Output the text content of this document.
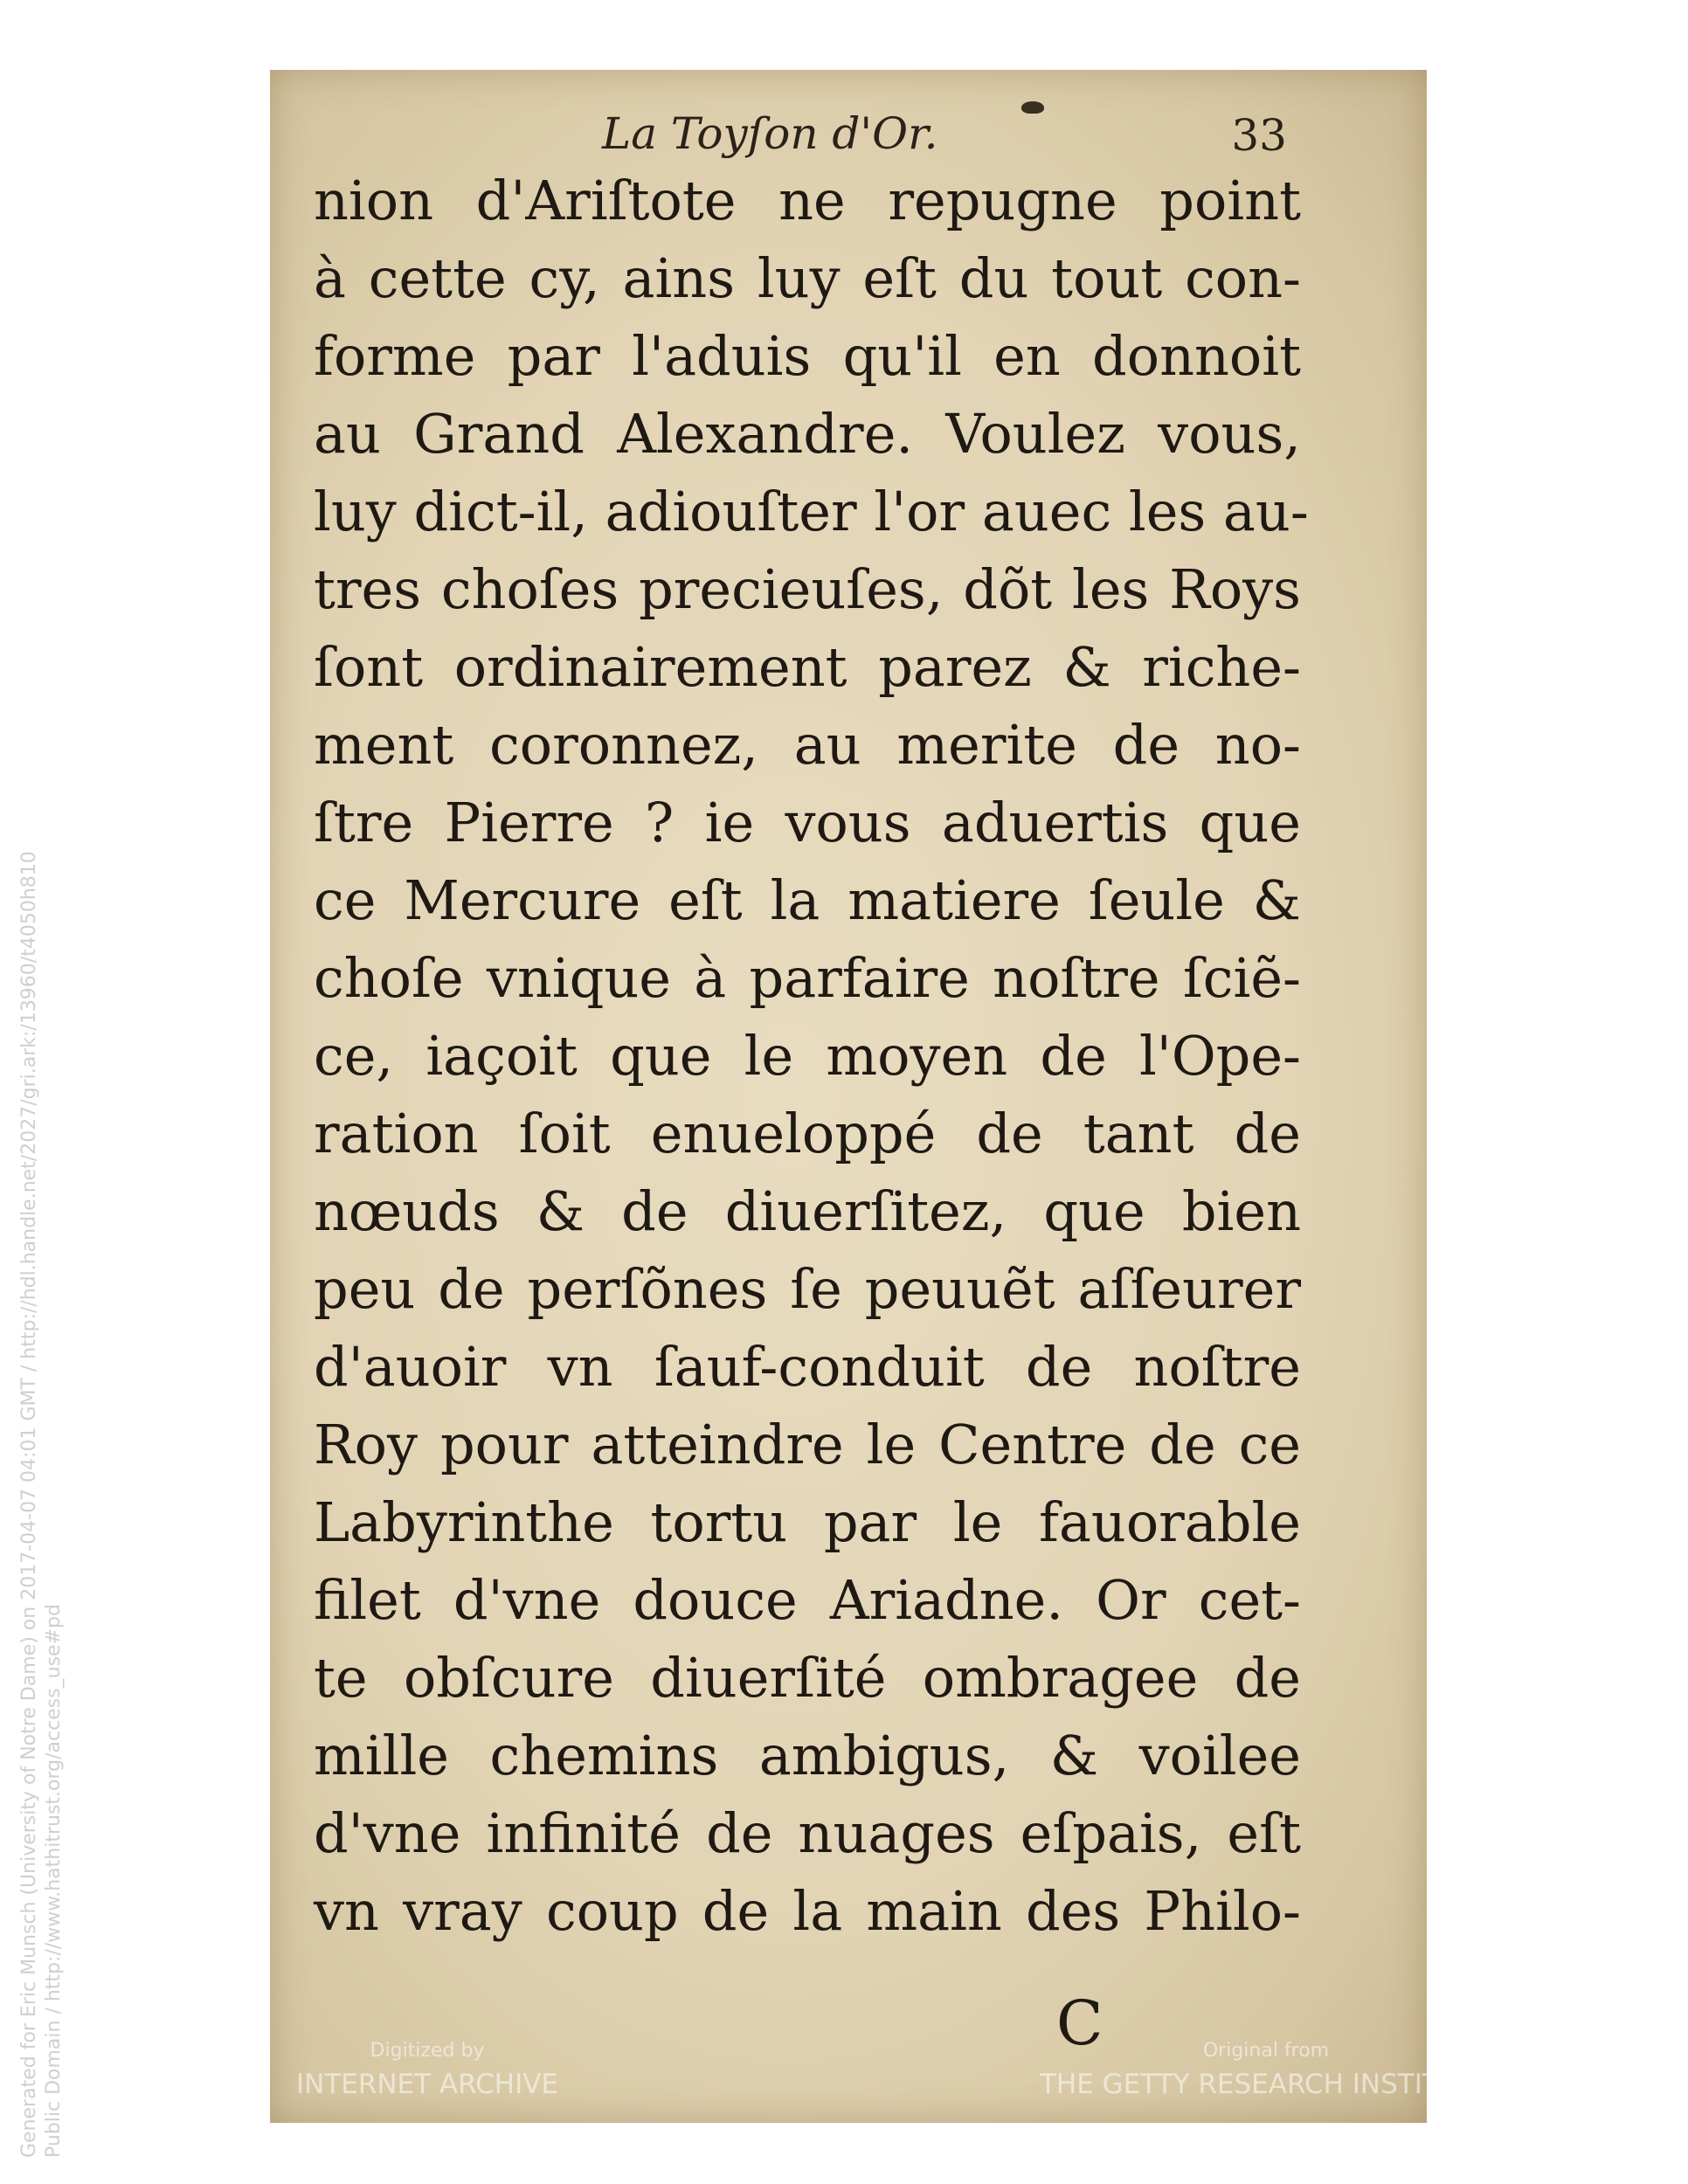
La Toyſon d'Or.	33
nion d'Ariſtote ne repugne point
à cette cy, ains luy eſt du tout con-
forme par l'aduis qu'il en donnoit
au Grand Alexandre. Voulez vous,
luy dict-il, adiouſter l'or auec les au-
tres choſes precieuſes, dõt les Roys
ſont ordinairement parez & riche-
ment coronnez, au merite de no-
ſtre Pierre ? ie vous aduertis que
ce Mercure eſt la matiere ſeule &
choſe vnique à parfaire noſtre ſciẽ-
ce, iaçoit que le moyen de l'Ope-
ration ſoit enueloppé de tant de
nœuds & de diuerſitez, que bien
peu de perſõnes ſe peuuẽt aſſeurer
d'auoir vn ſauf-conduit de noſtre
Roy pour atteindre le Centre de ce
Labyrinthe tortu par le fauorable
filet d'vne douce Ariadne. Or cet-
te obſcure diuerſité ombragee de
mille chemins ambigus, & voilee
d'vne infinité de nuages eſpais, eſt
vn vray coup de la main des Philo-
C
Digitized by
INTERNET ARCHIVE
Original from
THE GETTY RESEARCH INSTITUTE
Generated for Eric Munsch (University of Notre Dame) on 2017-04-07 04:01 GMT / http://hdl.handle.net/2027/gri.ark:/13960/t4050h810 Public Domain / http://www.hathitrust.org/access_use#pd
